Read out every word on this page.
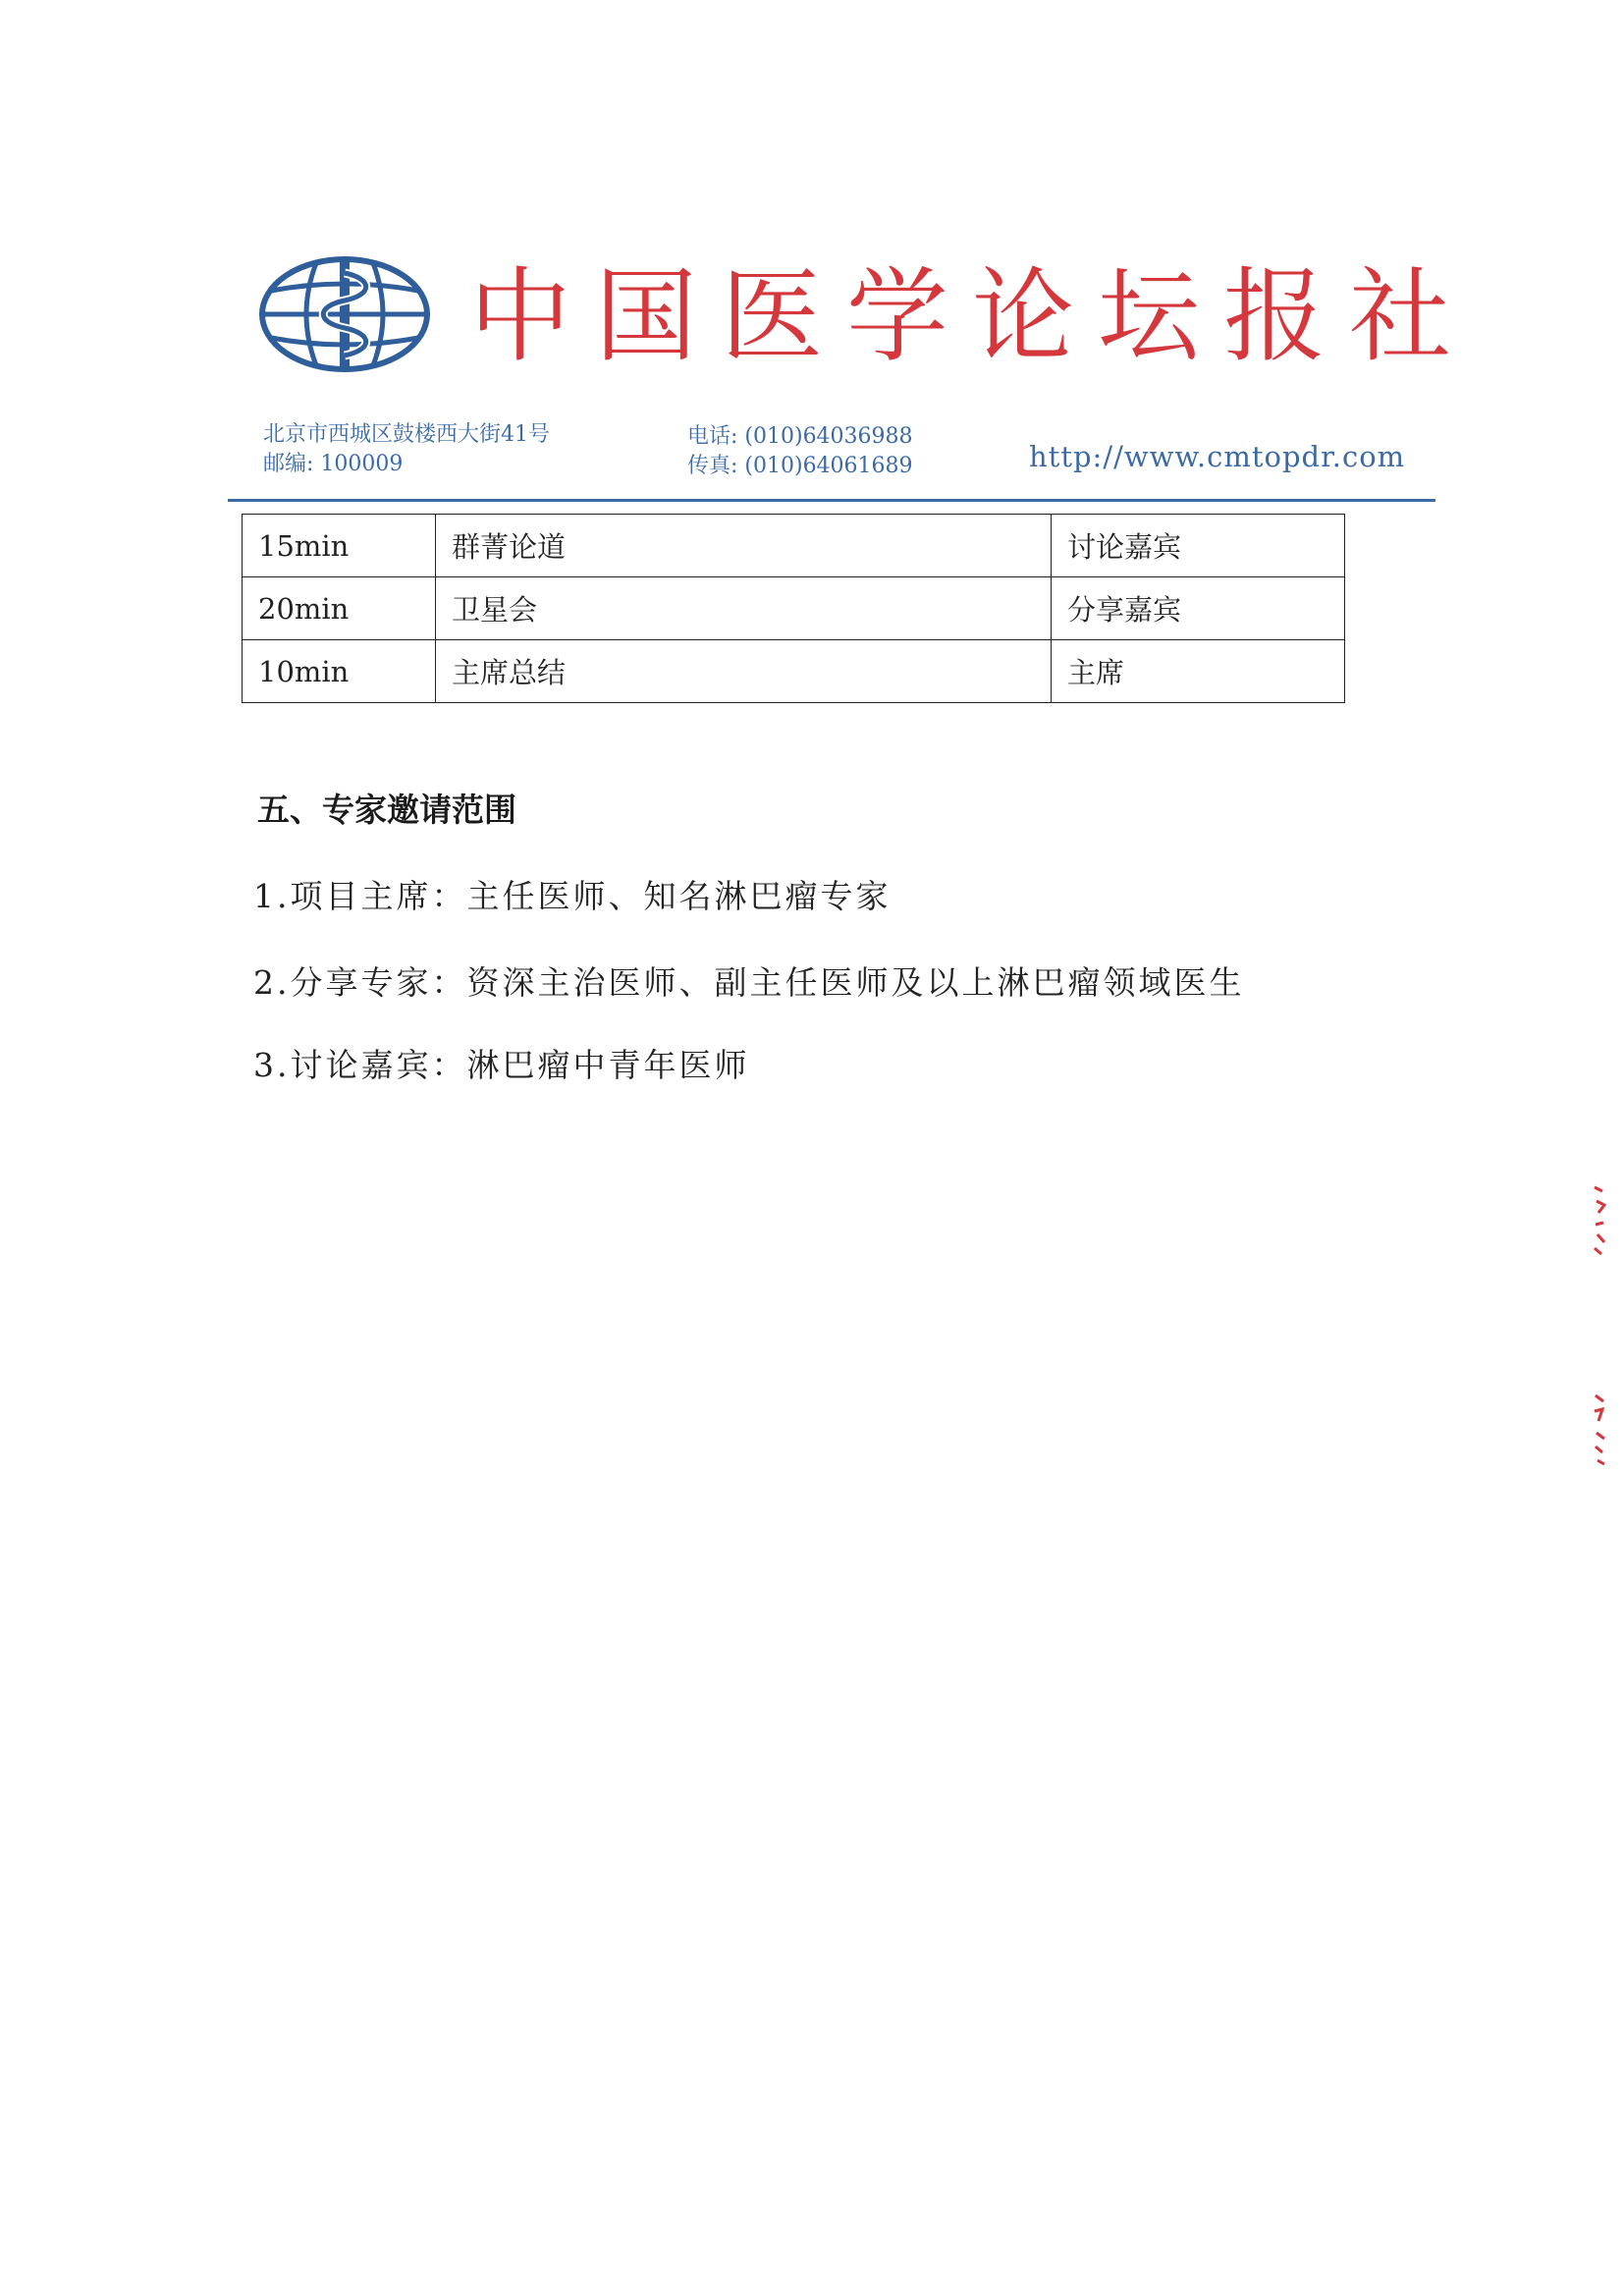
中国医学论坛报社
北京市西城区鼓楼西大街41号
邮编: 100009
电话: (010)64036988
传真: (010)64061689	http://www.cmtopdr.com
15min	群菁论道	讨论嘉宾
20min	卫星会	分享嘉宾
10min	主席总结	主席
五、专家邀请范围
1.项目主席：主任医师、知名淋巴瘤专家
2.分享专家：资深主治医师、副主任医师及以上淋巴瘤领域医生
3.讨论嘉宾：淋巴瘤中青年医师
